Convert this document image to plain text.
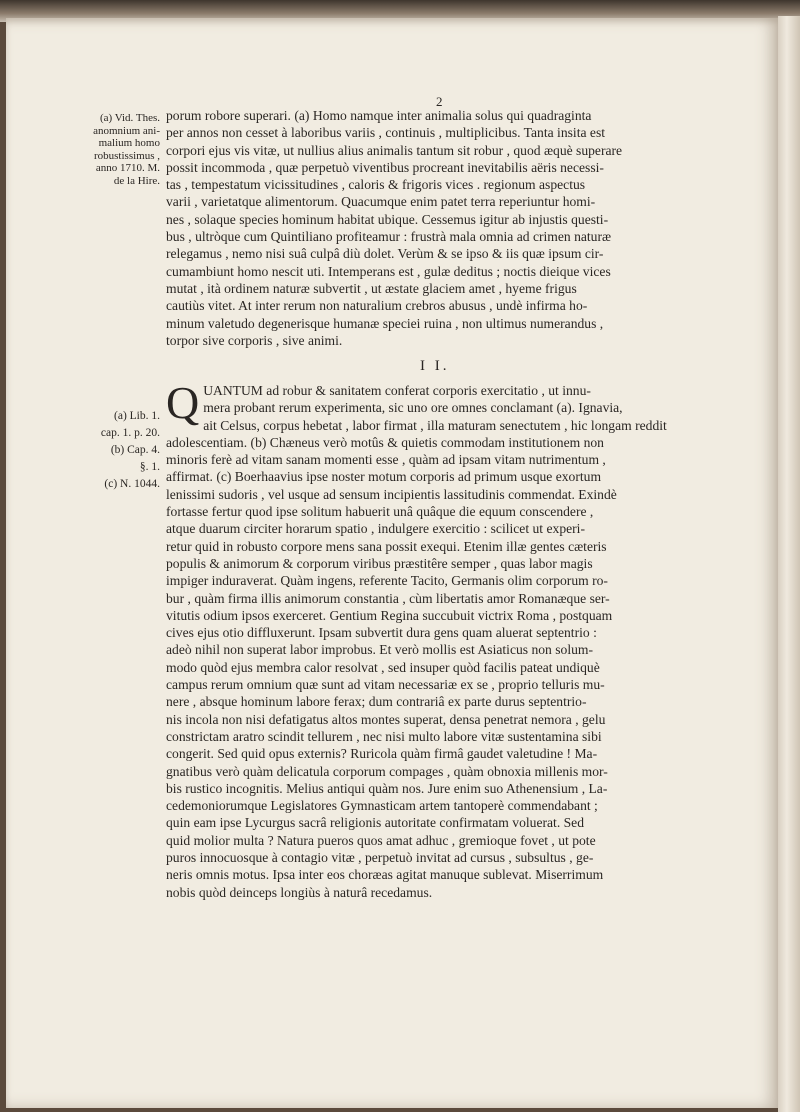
2
(a) Vid. Thes.
anomnium ani-
malium homo
robustissimus ,
anno 1710. M.
de la Hire.
(a) Lib. 1.
cap. 1. p. 20.
(b) Cap. 4.
§. 1.
(c) N. 1044.
porum robore superari. (a) Homo namque inter animalia solus qui quadraginta
per annos non cesset à laboribus variis , continuis , multiplicibus. Tanta insita est
corpori ejus vis vitæ, ut nullius alius animalis tantum sit robur , quod æquè superare
possit incommoda , quæ perpetuò viventibus procreant inevitabilis aëris necessi-
tas , tempestatum vicissitudines , caloris & frigoris vices . regionum aspectus
varii , varietatque alimentorum. Quacumque enim patet terra reperiuntur homi-
nes , solaque species hominum habitat ubique. Cessemus igitur ab injustis questi-
bus , ultròque cum Quintiliano profiteamur : frustrà mala omnia ad crimen naturæ
relegamus , nemo nisi suâ culpâ diù dolet. Verùm & se ipso & iis quæ ipsum cir-
cumambiunt homo nescit uti. Intemperans est , gulæ deditus ; noctis dieique vices
mutat , ità ordinem naturæ subvertit , ut æstate glaciem amet , hyeme frigus
cautiùs vitet. At inter rerum non naturalium crebros abusus , undè infirma ho-
minum valetudo degenerisque humanæ speciei ruina , non ultimus numerandus ,
torpor sive corporis , sive animi.
I I.
Q UANTUM ad robur & sanitatem conferat corporis exercitatio , ut innu-
mera probant rerum experimenta, sic uno ore omnes conclamant (a). Ignavia,
ait Celsus, corpus hebetat , labor firmat , illa maturam senectutem , hic longam reddit
adolescentiam. (b) Chæneus verò motûs & quietis commodam institutionem non
minoris ferè ad vitam sanam momenti esse , quàm ad ipsam vitam nutrimentum ,
affirmat. (c) Boerhaavius ipse noster motum corporis ad primum usque exortum
lenissimi sudoris , vel usque ad sensum incipientis lassitudinis commendat. Exindè
fortasse fertur quod ipse solitum habuerit unâ quâque die equum conscendere ,
atque duarum circiter horarum spatio , indulgere exercitio : scilicet ut experi-
retur quid in robusto corpore mens sana possit exequi. Etenim illæ gentes cæteris
populis & animorum & corporum viribus præstitêre semper , quas labor magis
impiger induraverat. Quàm ingens, referente Tacito, Germanis olim corporum ro-
bur , quàm firma illis animorum constantia , cùm libertatis amor Romanæque ser-
vitutis odium ipsos exerceret. Gentium Regina succubuit victrix Roma , postquam
cives ejus otio diffluxerunt. Ipsam subvertit dura gens quam aluerat septentrio :
adeò nihil non superat labor improbus. Et verò mollis est Asiaticus non solum-
modo quòd ejus membra calor resolvat , sed insuper quòd facilis pateat undiquè
campus rerum omnium quæ sunt ad vitam necessariæ ex se , proprio telluris mu-
nere , absque hominum labore ferax; dum contrariâ ex parte durus septentrio-
nis incola non nisi defatigatus altos montes superat, densa penetrat nemora , gelu
constrictam aratro scindit tellurem , nec nisi multo labore vitæ sustentamina sibi
congerit. Sed quid opus externis? Ruricola quàm firmâ gaudet valetudine ! Ma-
gnatibus verò quàm delicatula corporum compages , quàm obnoxia millenis mor-
bis rustico incognitis. Melius antiqui quàm nos. Jure enim suo Athenensium , La-
cedemoniorumque Legislatores Gymnasticam artem tantoperè commendabant ;
quin eam ipse Lycurgus sacrâ religionis autoritate confirmatam voluerat. Sed
quid molior multa ? Natura pueros quos amat adhuc , gremioque fovet , ut pote
puros innocuosque à contagio vitæ , perpetuò invitat ad cursus , subsultus , ge-
neris omnis motus. Ipsa inter eos choræas agitat manuque sublevat. Miserrimum
nobis quòd deinceps longiùs à naturâ recedamus.
